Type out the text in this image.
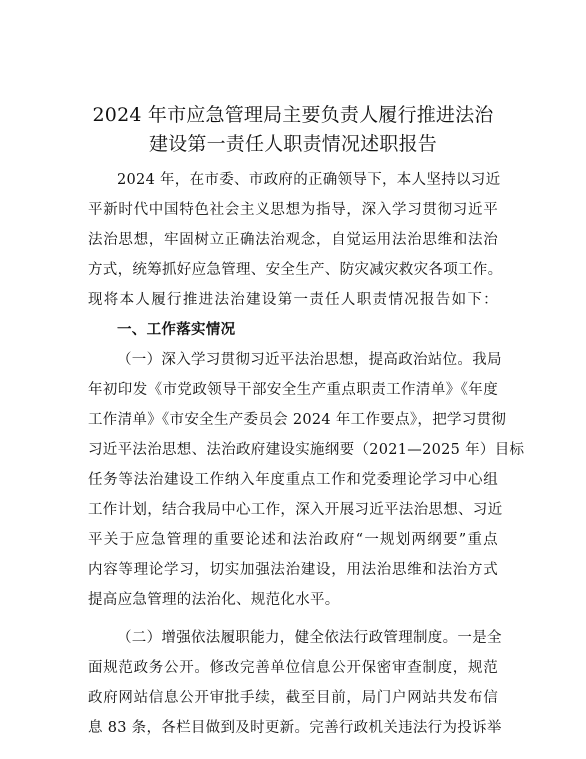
2024 年市应急管理局主要负责人履行推进法治
建设第一责任人职责情况述职报告
2024 年，在市委、市政府的正确领导下，本人坚持以习近
平新时代中国特色社会主义思想为指导，深入学习贯彻习近平
法治思想，牢固树立正确法治观念，自觉运用法治思维和法治
方式，统筹抓好应急管理、安全生产、防灾减灾救灾各项工作。
现将本人履行推进法治建设第一责任人职责情况报告如下：
一、工作落实情况
（一）深入学习贯彻习近平法治思想，提高政治站位。我局
年初印发《市党政领导干部安全生产重点职责工作清单》《年度
工作清单》《市安全生产委员会 2024 年工作要点》，把学习贯彻
习近平法治思想、法治政府建设实施纲要（2021—2025 年）目标
任务等法治建设工作纳入年度重点工作和党委理论学习中心组
工作计划，结合我局中心工作，深入开展习近平法治思想、习近
平关于应急管理的重要论述和法治政府“一规划两纲要”重点
内容等理论学习，切实加强法治建设，用法治思维和法治方式
提高应急管理的法治化、规范化水平。
（二）增强依法履职能力，健全依法行政管理制度。一是全
面规范政务公开。修改完善单位信息公开保密审查制度，规范
政府网站信息公开审批手续，截至目前，局门户网站共发布信
息 83 条，各栏目做到及时更新。完善行政机关违法行为投诉举
